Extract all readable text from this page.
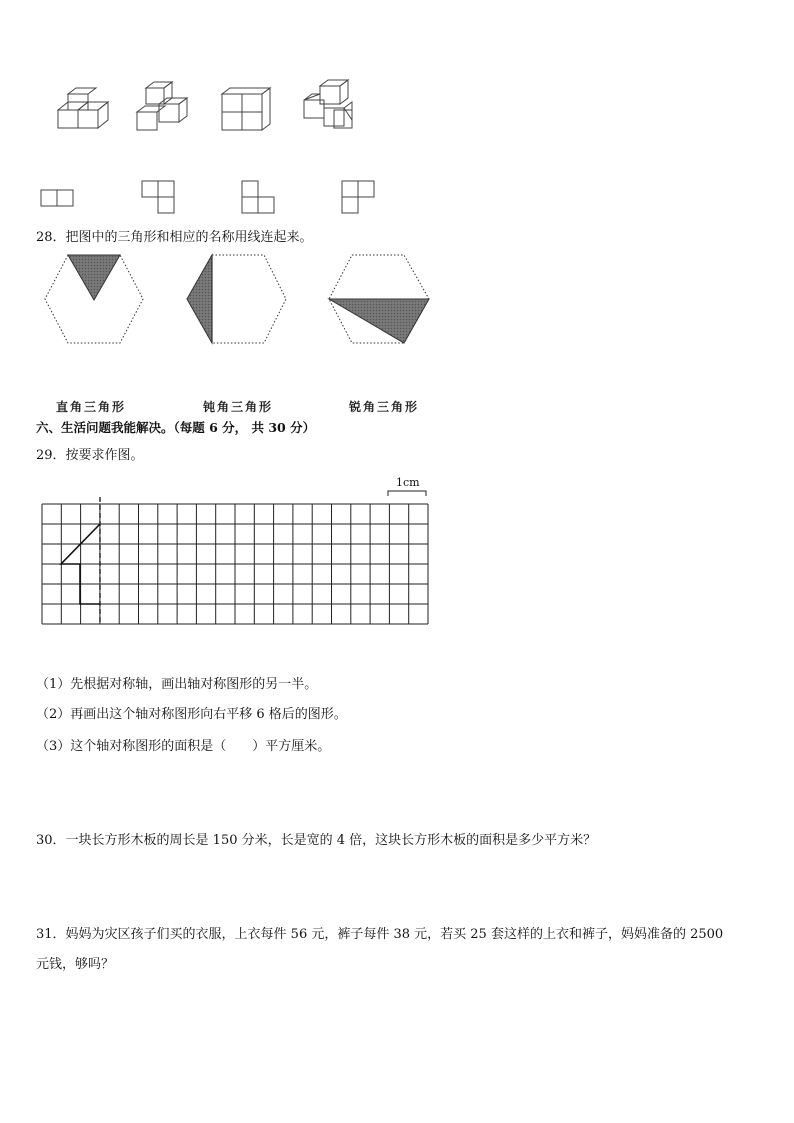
28．把图中的三角形和相应的名称用线连起来。
直角三角形	钝角三角形	锐角三角形
六、生活问题我能解决。（每题 6 分， 共 30 分）
29．按要求作图。
1cm
（1）先根据对称轴，画出轴对称图形的另一半。
（2）再画出这个轴对称图形向右平移 6 格后的图形。
（3）这个轴对称图形的面积是（　　）平方厘米。
30．一块长方形木板的周长是 150 分米，长是宽的 4 倍，这块长方形木板的面积是多少平方米？
31．妈妈为灾区孩子们买的衣服，上衣每件 56 元，裤子每件 38 元，若买 25 套这样的上衣和裤子，妈妈准备的 2500
元钱，够吗？
